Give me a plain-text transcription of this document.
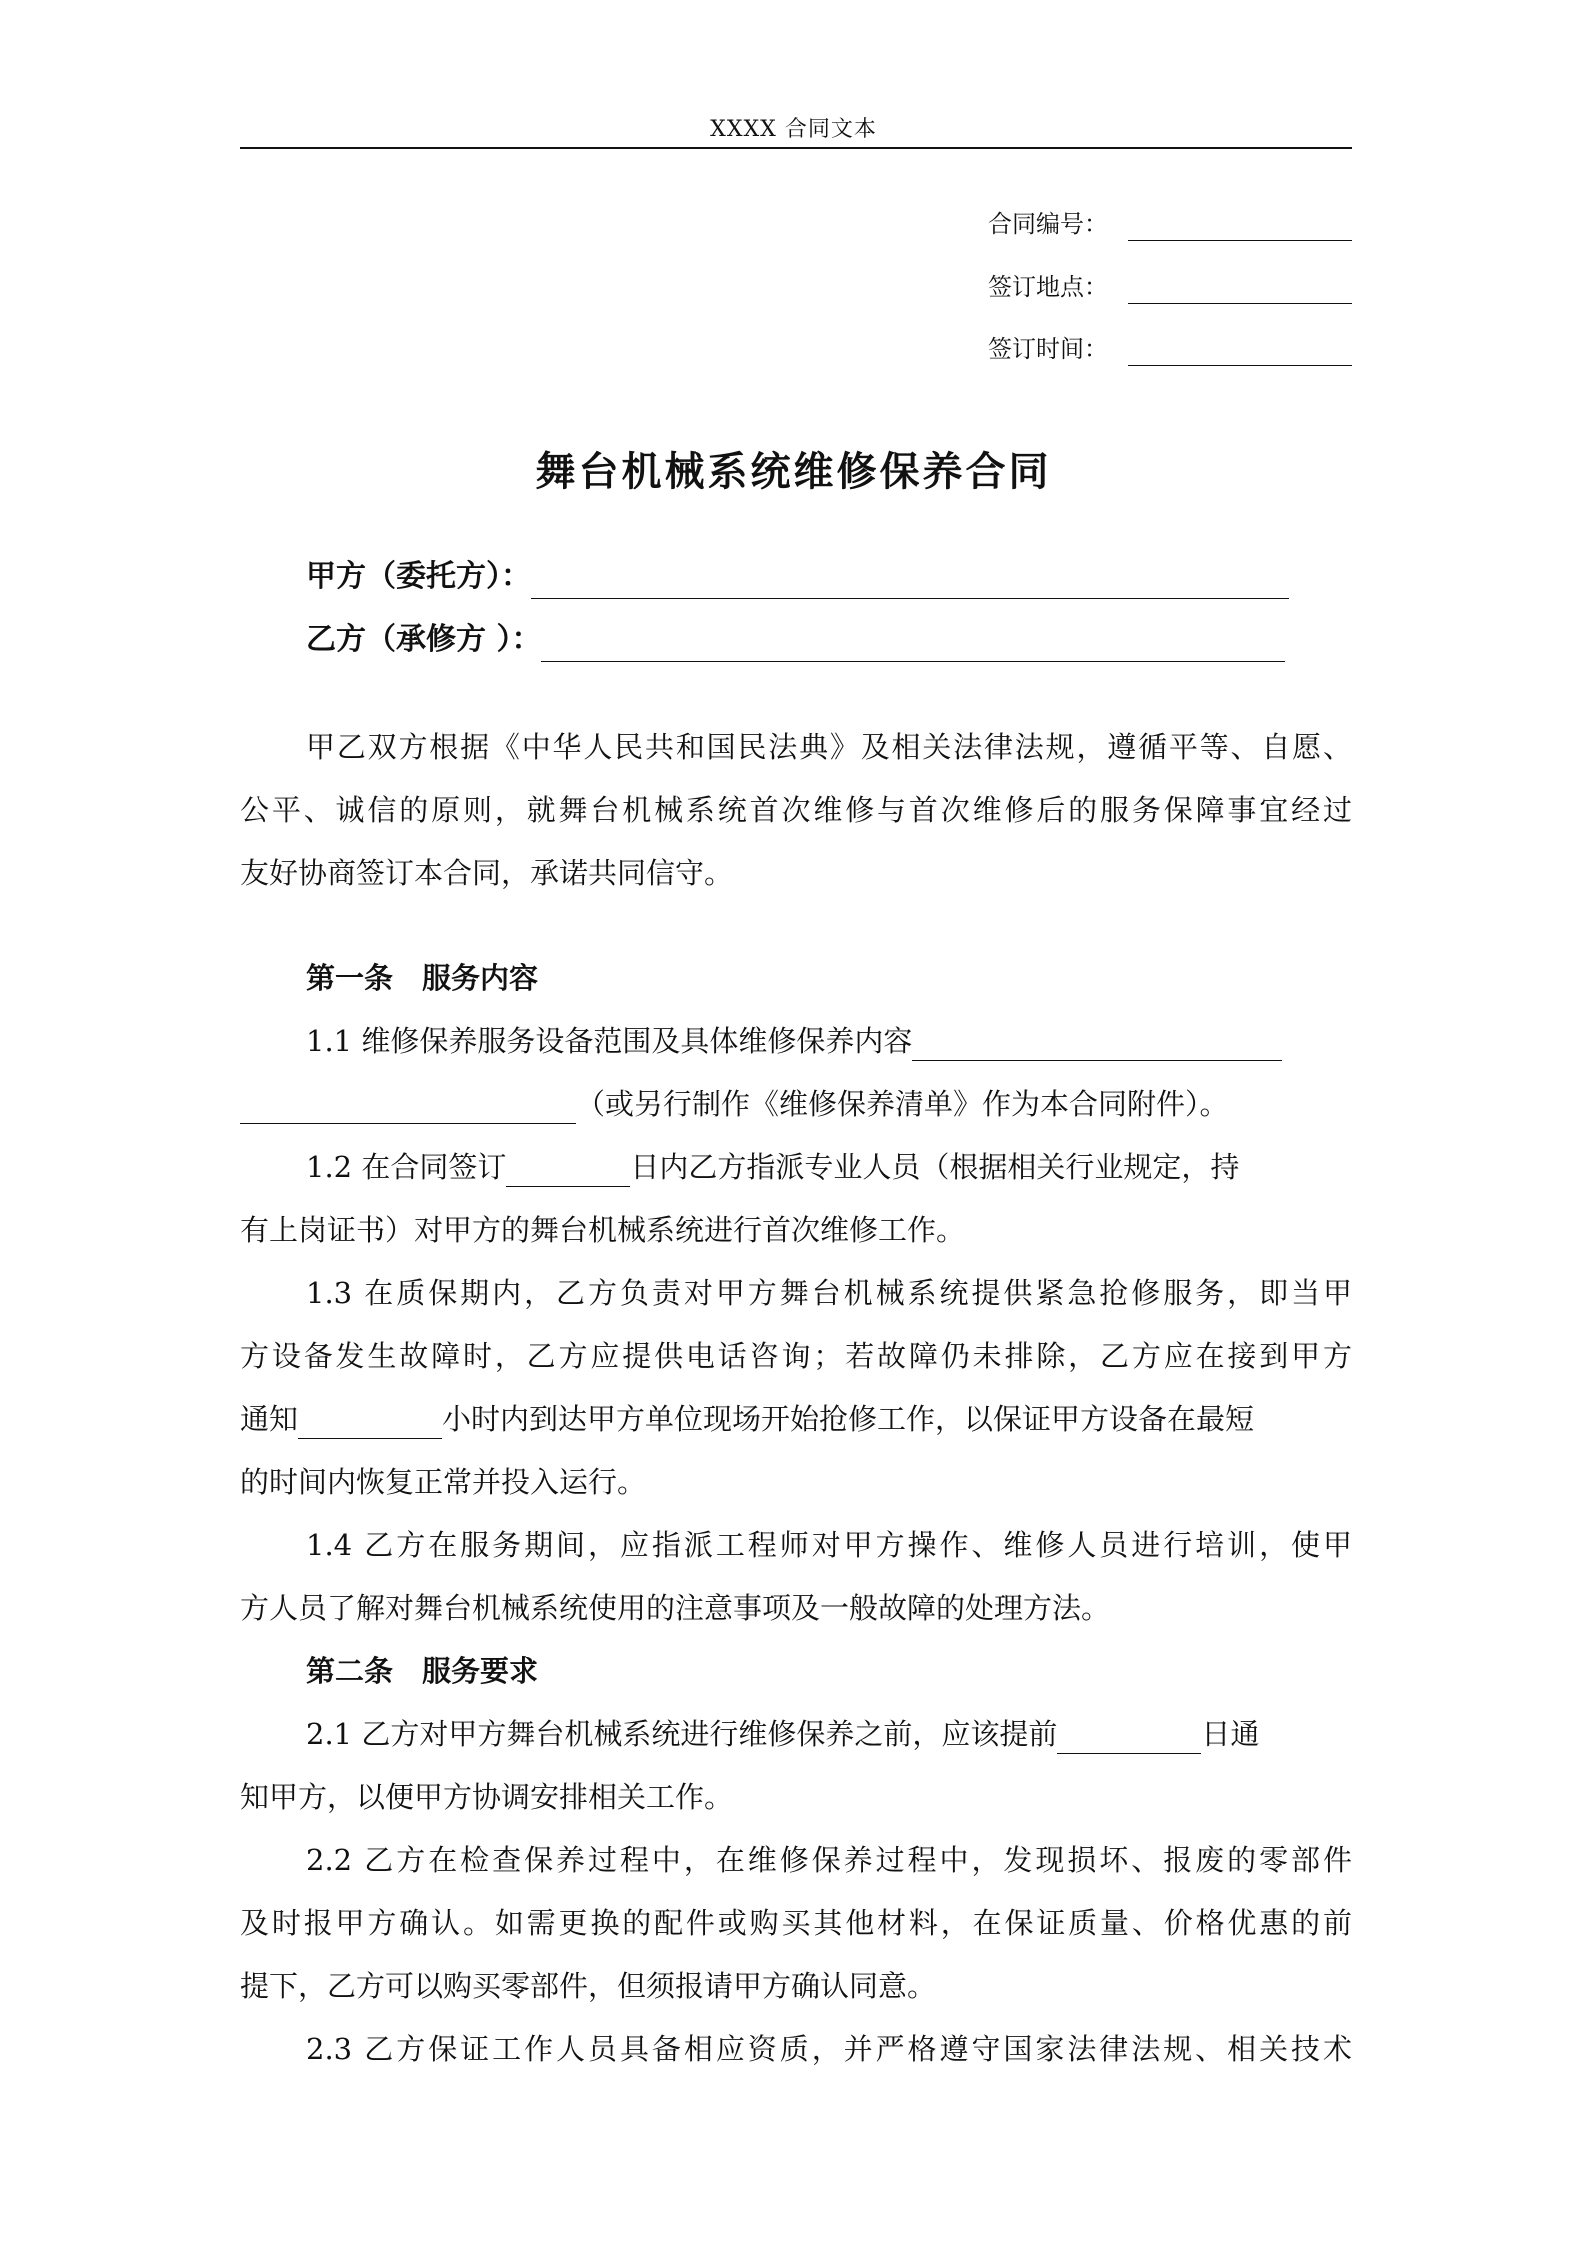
XXXX 合同文本
合同编号：
签订地点：
签订时间：
舞台机械系统维修保养合同
甲方（委托方）：
乙方（承修方 ）：
甲乙双方根据《中华人民共和国民法典》及相关法律法规，遵循平等、自愿、
公平、诚信的原则，就舞台机械系统首次维修与首次维修后的服务保障事宜经过
友好协商签订本合同，承诺共同信守。
第一条　服务内容
1.1 维修保养服务设备范围及具体维修保养内容
（或另行制作《维修保养清单》作为本合同附件）。
1.2 在合同签订	日内乙方指派专业人员（根据相关行业规定，持
有上岗证书）对甲方的舞台机械系统进行首次维修工作。
1.3 在质保期内，乙方负责对甲方舞台机械系统提供紧急抢修服务，即当甲
方设备发生故障时，乙方应提供电话咨询；若故障仍未排除，乙方应在接到甲方
通知	小时内到达甲方单位现场开始抢修工作，以保证甲方设备在最短
的时间内恢复正常并投入运行。
1.4 乙方在服务期间，应指派工程师对甲方操作、维修人员进行培训，使甲
方人员了解对舞台机械系统使用的注意事项及一般故障的处理方法。
第二条　服务要求
2.1 乙方对甲方舞台机械系统进行维修保养之前，应该提前	日通
知甲方，以便甲方协调安排相关工作。
2.2 乙方在检查保养过程中，在维修保养过程中，发现损坏、报废的零部件
及时报甲方确认。如需更换的配件或购买其他材料，在保证质量、价格优惠的前
提下，乙方可以购买零部件，但须报请甲方确认同意。
2.3 乙方保证工作人员具备相应资质，并严格遵守国家法律法规、相关技术
